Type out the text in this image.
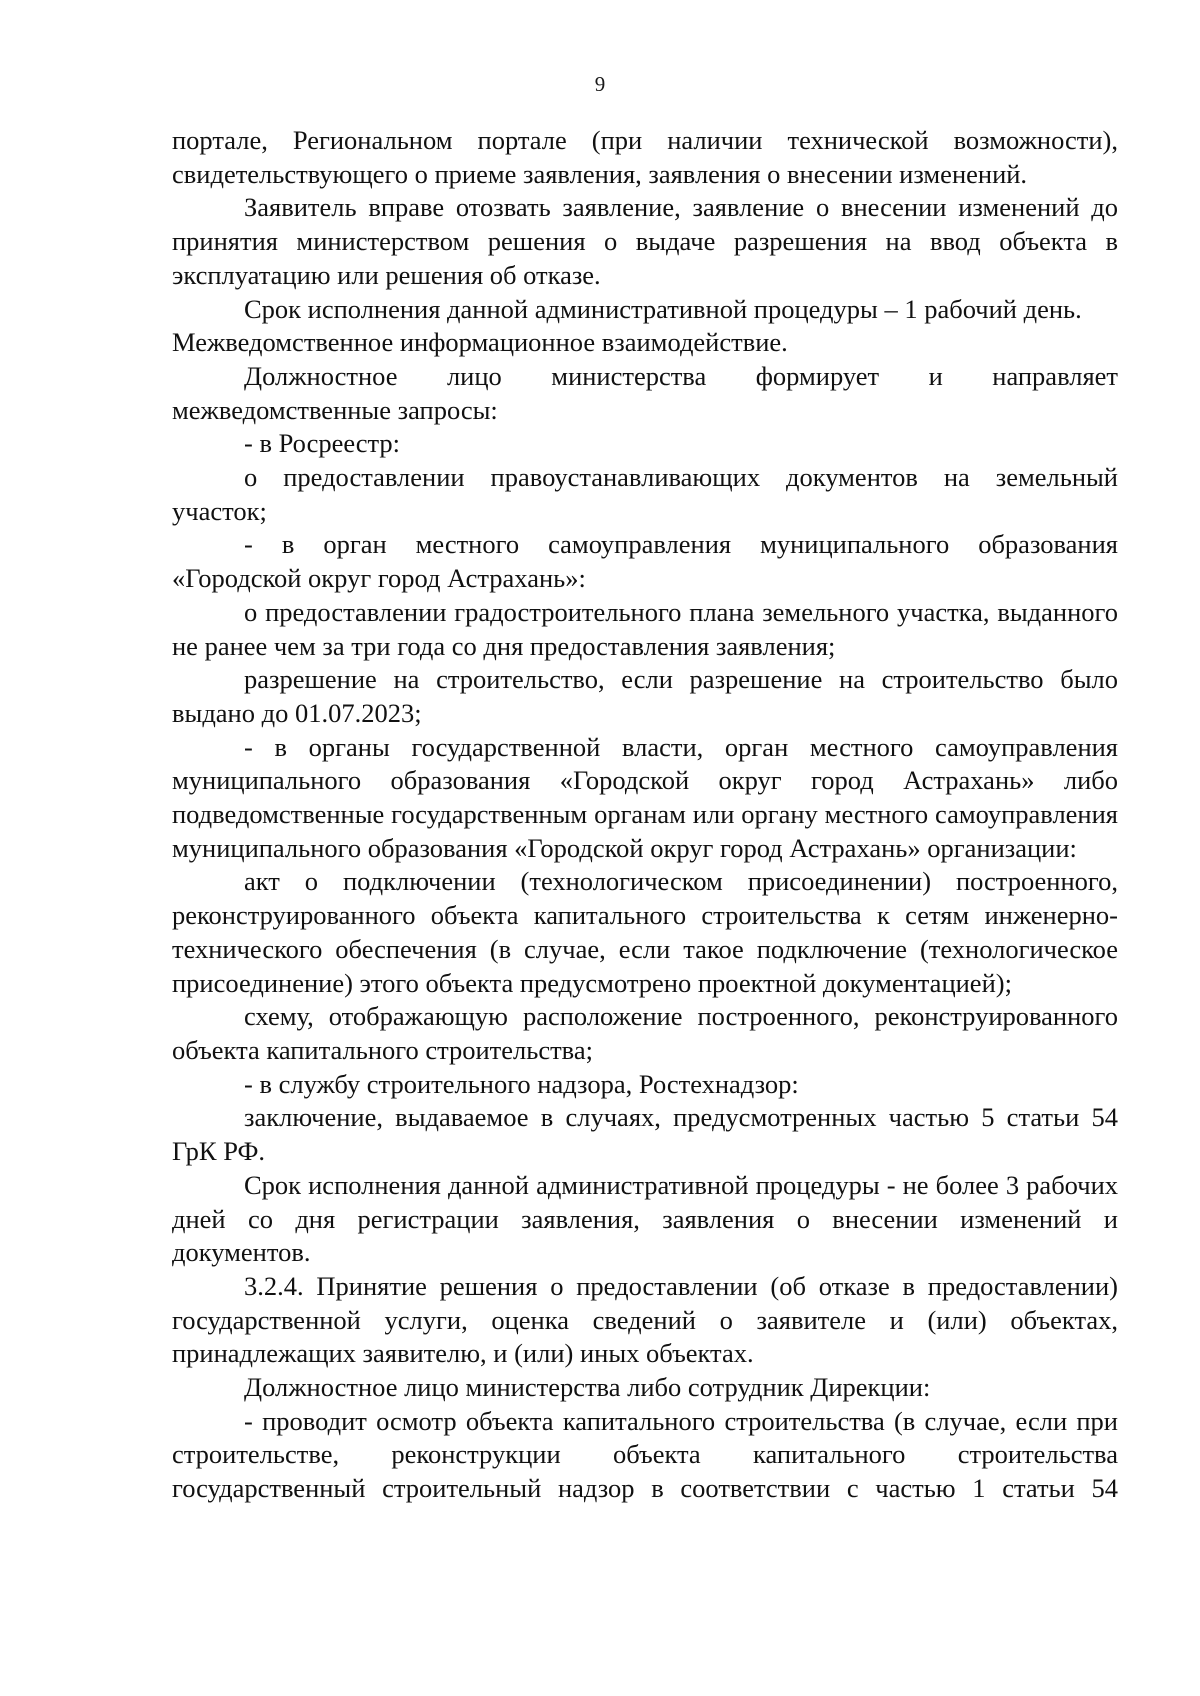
9

портале, Региональном портале (при наличии технической возможности), свидетельствующего о приеме заявления, заявления о внесении изменений.

Заявитель вправе отозвать заявление, заявление о внесении изменений до принятия министерством решения о выдаче разрешения на ввод объекта в эксплуатацию или решения об отказе.

Срок исполнения данной административной процедуры – 1 рабочий день.

Межведомственное информационное взаимодействие.

Должностное лицо министерства формирует и направляет межведомственные запросы:

- в Росреестр:

о предоставлении правоустанавливающих документов на земельный участок;

- в орган местного самоуправления муниципального образования «Городской округ город Астрахань»:

о предоставлении градостроительного плана земельного участка, выданного не ранее чем за три года со дня предоставления заявления;

разрешение на строительство, если разрешение на строительство было выдано до 01.07.2023;

- в органы государственной власти, орган местного самоуправления муниципального образования «Городской округ город Астрахань» либо подведомственные государственным органам или органу местного самоуправления муниципального образования «Городской округ город Астрахань» организации:

акт о подключении (технологическом присоединении) построенного, реконструированного объекта капитального строительства к сетям инженерно-технического обеспечения (в случае, если такое подключение (технологическое присоединение) этого объекта предусмотрено проектной документацией);

схему, отображающую расположение построенного, реконструированного объекта капитального строительства;

- в службу строительного надзора, Ростехнадзор:

заключение, выдаваемое в случаях, предусмотренных частью 5 статьи 54 ГрК РФ.

Срок исполнения данной административной процедуры - не более 3 рабочих дней со дня регистрации заявления, заявления о внесении изменений и документов.

3.2.4. Принятие решения о предоставлении (об отказе в предоставлении) государственной услуги, оценка сведений о заявителе и (или) объектах, принадлежащих заявителю, и (или) иных объектах.

Должностное лицо министерства либо сотрудник Дирекции:

- проводит осмотр объекта капитального строительства (в случае, если при строительстве, реконструкции объекта капитального строительства государственный строительный надзор в соответствии с частью 1 статьи 54
